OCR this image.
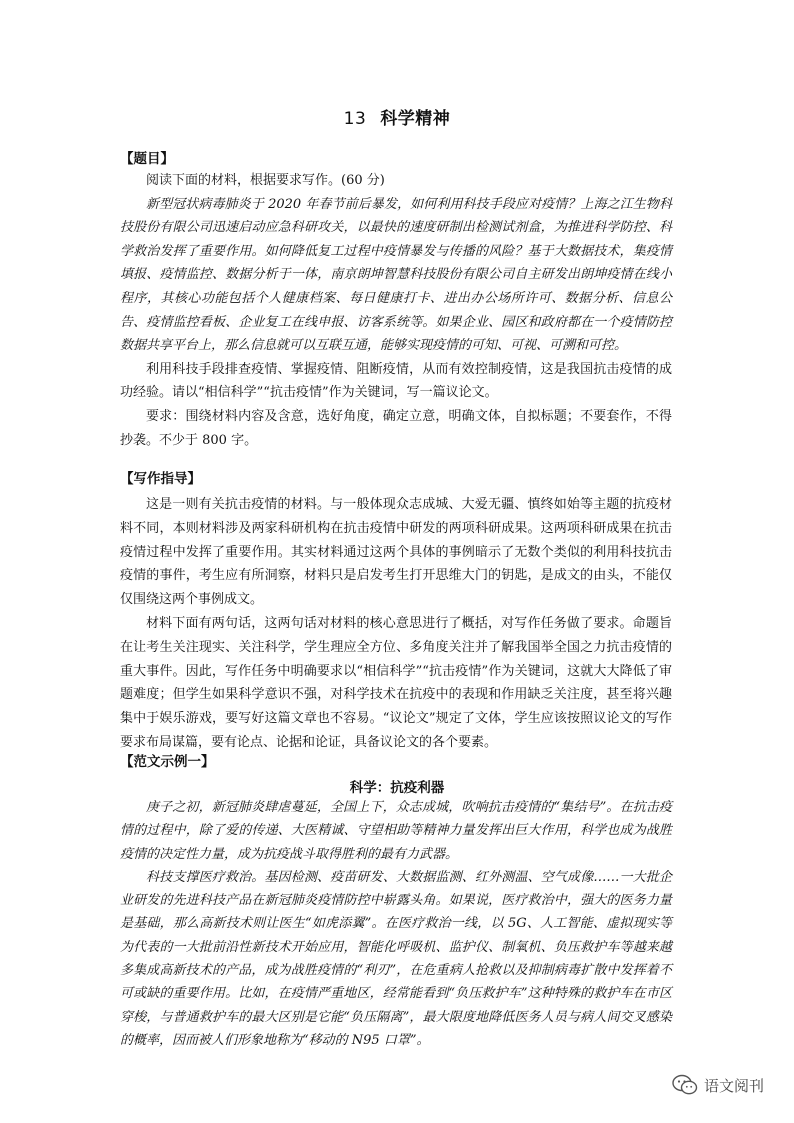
13 科学精神
【题目】

阅读下面的材料，根据要求写作。(60 分)

新型冠状病毒肺炎于 2020 年春节前后暴发，如何利用科技手段应对疫情？上海之江生物科技股份有限公司迅速启动应急科研攻关，以最快的速度研制出检测试剂盒，为推进科学防控、科学救治发挥了重要作用。如何降低复工过程中疫情暴发与传播的风险？基于大数据技术，集疫情填报、疫情监控、数据分析于一体，南京朗坤智慧科技股份有限公司自主研发出朗坤疫情在线小程序，其核心功能包括个人健康档案、每日健康打卡、进出办公场所许可、数据分析、信息公告、疫情监控看板、企业复工在线申报、访客系统等。如果企业、园区和政府都在一个疫情防控数据共享平台上，那么信息就可以互联互通，能够实现疫情的可知、可视、可溯和可控。

利用科技手段排查疫情、掌握疫情、阻断疫情，从而有效控制疫情，这是我国抗击疫情的成功经验。请以“相信科学”“抗击疫情”作为关键词，写一篇议论文。

要求：围绕材料内容及含意，选好角度，确定立意，明确文体，自拟标题；不要套作，不得抄袭。不少于 800 字。

【写作指导】

这是一则有关抗击疫情的材料。与一般体现众志成城、大爱无疆、慎终如始等主题的抗疫材料不同，本则材料涉及两家科研机构在抗击疫情中研发的两项科研成果。这两项科研成果在抗击疫情过程中发挥了重要作用。其实材料通过这两个具体的事例暗示了无数个类似的利用科技抗击疫情的事件，考生应有所洞察，材料只是启发考生打开思维大门的钥匙，是成文的由头，不能仅仅围绕这两个事例成文。

材料下面有两句话，这两句话对材料的核心意思进行了概括，对写作任务做了要求。命题旨在让考生关注现实、关注科学，学生理应全方位、多角度关注并了解我国举全国之力抗击疫情的重大事件。因此，写作任务中明确要求以“相信科学”“抗击疫情”作为关键词，这就大大降低了审题难度；但学生如果科学意识不强，对科学技术在抗疫中的表现和作用缺乏关注度，甚至将兴趣集中于娱乐游戏，要写好这篇文章也不容易。“议论文”规定了文体，学生应该按照议论文的写作要求布局谋篇，要有论点、论据和论证，具备议论文的各个要素。

【范文示例一】
科学：抗疫利器

庚子之初，新冠肺炎肆虐蔓延，全国上下，众志成城，吹响抗击疫情的“集结号”。在抗击疫情的过程中，除了爱的传递、大医精诚、守望相助等精神力量发挥出巨大作用，科学也成为战胜疫情的决定性力量，成为抗疫战斗取得胜利的最有力武器。

科技支撑医疗救治。基因检测、疫苗研发、大数据监测、红外测温、空气成像……一大批企业研发的先进科技产品在新冠肺炎疫情防控中崭露头角。如果说，医疗救治中，强大的医务力量是基础，那么高新技术则让医生“如虎添翼”。在医疗救治一线，以 5G、人工智能、虚拟现实等为代表的一大批前沿性新技术开始应用，智能化呼吸机、监护仪、制氧机、负压救护车等越来越多集成高新技术的产品，成为战胜疫情的“利刃”，在危重病人抢救以及抑制病毒扩散中发挥着不可或缺的重要作用。比如，在疫情严重地区，经常能看到“负压救护车”这种特殊的救护车在市区穿梭，与普通救护车的最大区别是它能“负压隔离”，最大限度地降低医务人员与病人间交叉感染的概率，因而被人们形象地称为“移动的 N95 口罩”。

语文阅刊
